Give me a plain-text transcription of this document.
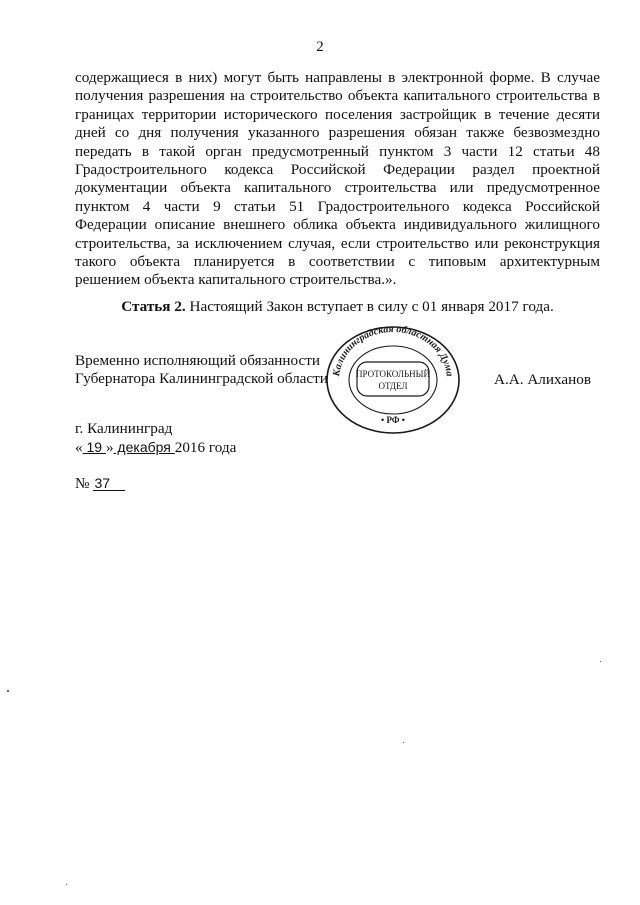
2
содержащиеся в них) могут быть направлены в электронной форме. В случае
получения разрешения на строительство объекта капитального строительства в
границах территории исторического поселения застройщик в течение десяти
дней со дня получения указанного разрешения обязан также безвозмездно
передать в такой орган предусмотренный пунктом 3 части 12 статьи 48
Градостроительного кодекса Российской Федерации раздел проектной
документации объекта капитального строительства или предусмотренное
пунктом 4 части 9 статьи 51 Градостроительного кодекса Российской
Федерации описание внешнего облика объекта индивидуального жилищного
строительства, за исключением случая, если строительство или реконструкция
такого объекта планируется в соответствии с типовым архитектурным
решением объекта капитального строительства.».
Статья 2. Настоящий Закон вступает в силу с 01 января 2017 года.
Временно исполняющий обязанности
Губернатора Калининградской области Калининградская областная Дума
ПРОТОКОЛЬНЫЙ
ОТДЕЛ
• РФ •
А.А. Алиханов
г. Калининград
« 19 » декабря 2016 года
№ 37
